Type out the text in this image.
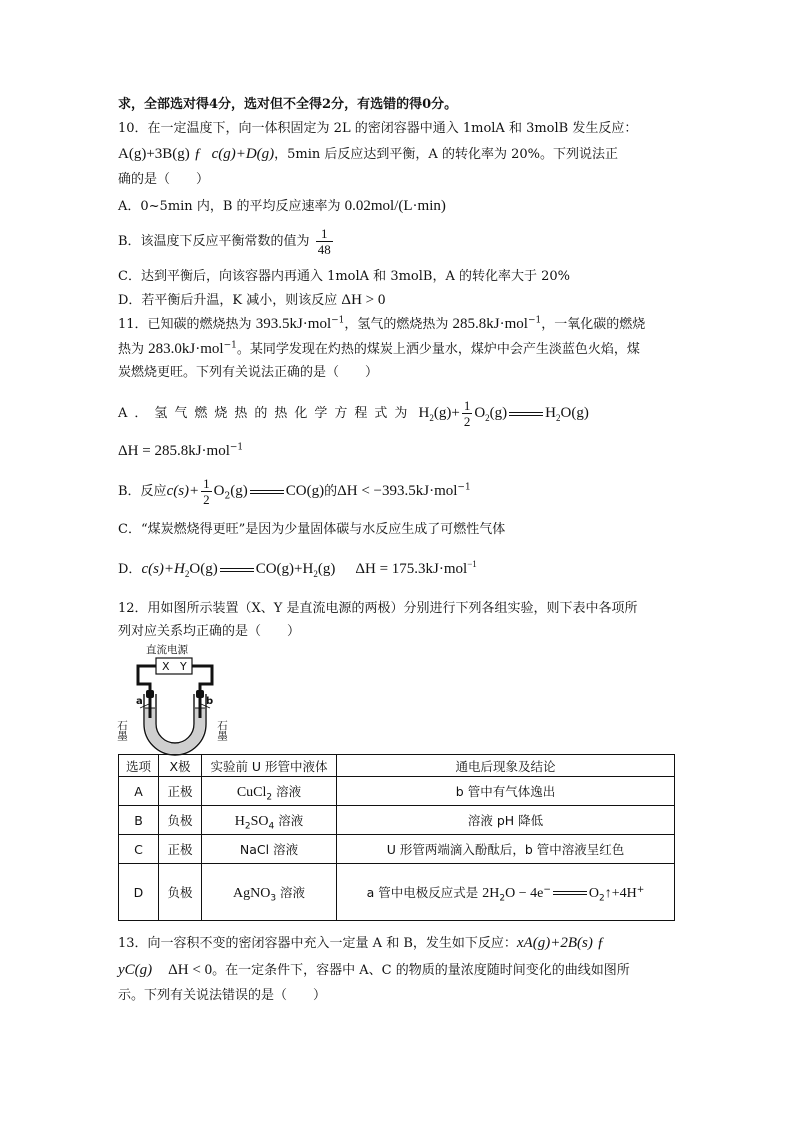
求，全部选对得4分，选对但不全得2分，有选错的得0分。
10．在一定温度下，向一体积固定为 2L 的密闭容器中通入 1molA 和 3molB 发生反应：
A(g)+3B(g) ƒ c(g)+D(g)，5min 后反应达到平衡，A 的转化率为 20%。下列说法正
确的是（　　）
A．0~5min 内，B 的平均反应速率为 0.02mol/(L·min)
B．该温度下反应平衡常数的值为 $\frac{1}{48}$
C．达到平衡后，向该容器内再通入 1molA 和 3molB，A 的转化率大于 20%
D．若平衡后升温，K 减小，则该反应 ΔH > 0
11．已知碳的燃烧热为 393.5kJ·mol$^{-1}$，氢气的燃烧热为 285.8kJ·mol$^{-1}$，一氧化碳的燃烧
热为 283.0kJ·mol$^{-1}$。某同学发现在灼热的煤炭上洒少量水，煤炉中会产生淡蓝色火焰，煤
炭燃烧更旺。下列有关说法正确的是（　　）
A．氢气燃烧热的热化学方程式为 $H_2(g)+ \frac{1}{2} O_2(g)$	$H_2O(g)$
ΔH = 285.8kJ·mol$^{-1}$
B．反应$c(s)+ \frac{1}{2} O_2(g)$	CO(g)的ΔH < −393.5kJ·mol$^{-1}$
C．“煤炭燃烧得更旺”是因为少量固体碳与水反应生成了可燃性气体
D．$c(s)+H_2O(g)$	$CO(g)+H_2(g) \Delta H = 175.3kJ\cdot mol^{-1}$
12．用如图所示装置（X、Y 是直流电源的两极）分别进行下列各组实验，则下表中各项所
列对应关系均正确的是（　　）
直流电源
X Y
a	b
石墨	石墨
选项	X极	实验前 U 形管中液体	通电后现象及结论
A	正极	CuCl$_2$ 溶液	b 管中有气体逸出
B	负极	$H_2SO_4$ 溶液	溶液 pH 降低
C	正极	NaCl 溶液	U 形管两端滴入酚酞后，b 管中溶液呈红色
D	负极	AgNO$_3$ 溶液	a 管中电极反应式是 $2H_2O - 4e^-$ $O_2↑+4H^+$
13．向一容积不变的密闭容器中充入一定量 A 和 B，发生如下反应：xA(g)+2B(s) ƒ
yC(g) ΔH < 0。在一定条件下，容器中 A、C 的物质的量浓度随时间变化的曲线如图所
示。下列有关说法错误的是（　　）
